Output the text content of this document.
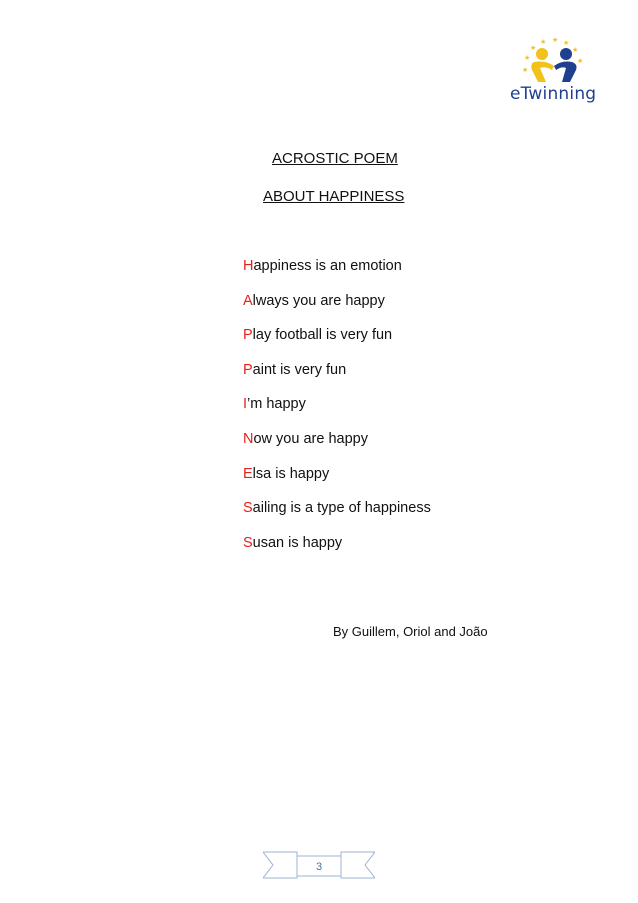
★
★
★ ★ ★
★
★
★
eTwinning
ACROSTIC POEM
ABOUT HAPPINESS
Happiness is an emotion
Always you are happy
Play football is very fun
Paint is very fun
I’m happy
Now you are happy
Elsa is happy
Sailing is a type of happiness
Susan is happy
By Guillem, Oriol and João
3
